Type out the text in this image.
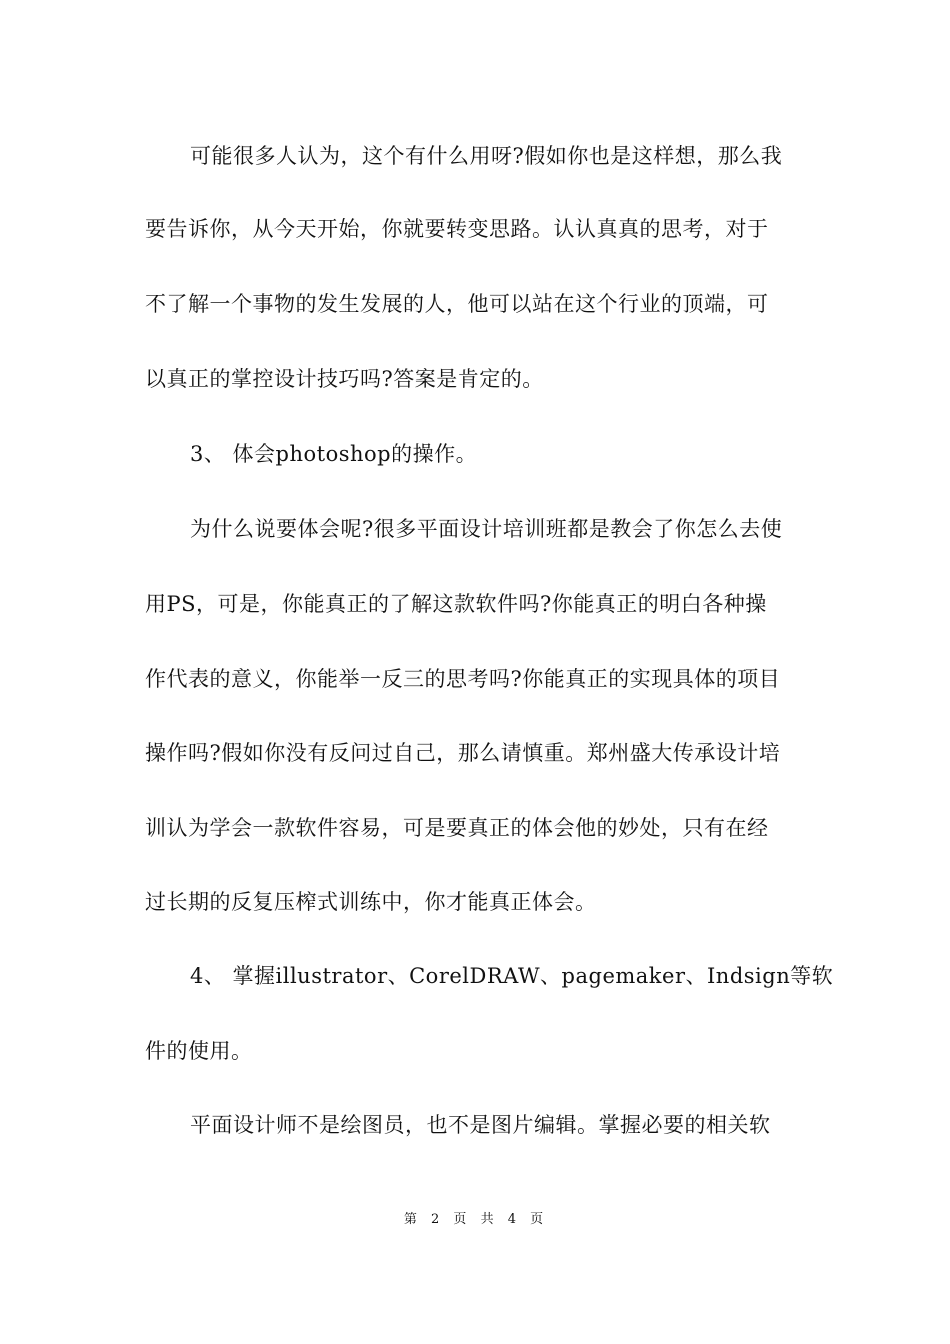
可能很多人认为，这个有什么用呀?假如你也是这样想，那么我
要告诉你，从今天开始，你就要转变思路。认认真真的思考，对于
不了解一个事物的发生发展的人，他可以站在这个行业的顶端，可
以真正的掌控设计技巧吗?答案是肯定的。
3、 体会photoshop的操作。
为什么说要体会呢?很多平面设计培训班都是教会了你怎么去使
用PS，可是，你能真正的了解这款软件吗?你能真正的明白各种操
作代表的意义，你能举一反三的思考吗?你能真正的实现具体的项目
操作吗?假如你没有反问过自己，那么请慎重。郑州盛大传承设计培
训认为学会一款软件容易，可是要真正的体会他的妙处，只有在经
过长期的反复压榨式训练中，你才能真正体会。
4、 掌握illustrator、CorelDRAW、pagemaker、Indsign等软
件的使用。
平面设计师不是绘图员，也不是图片编辑。掌握必要的相关软
第 2 页 共 4 页
